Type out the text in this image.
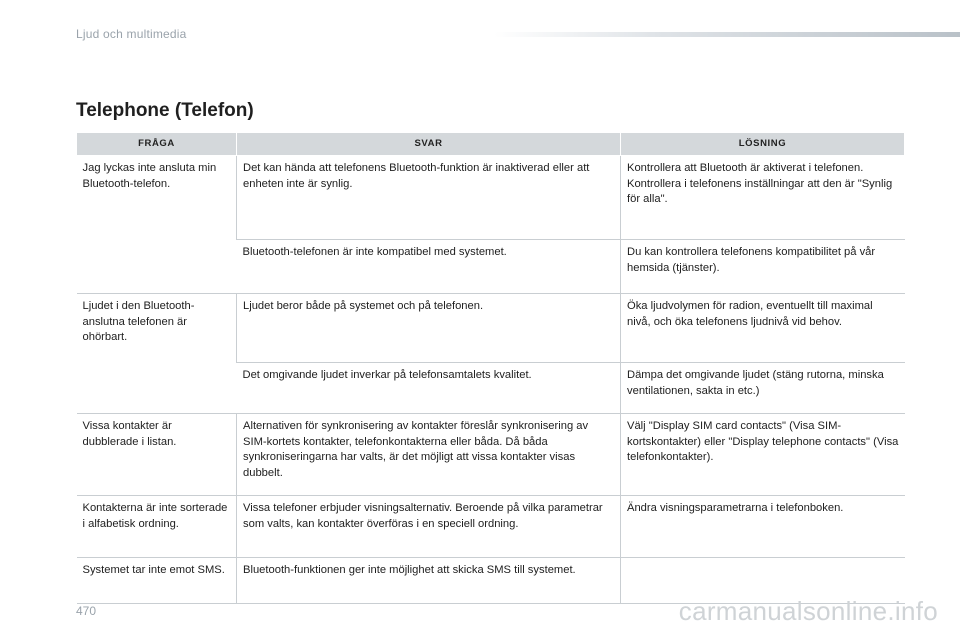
Ljud och multimedia
Telephone (Telefon)
FRÅGA	SVAR	LÖSNING
Jag lyckas inte ansluta min Bluetooth-telefon.	Det kan hända att telefonens Bluetooth-funktion är inaktiverad eller att enheten inte är synlig.	Kontrollera att Bluetooth är aktiverat i telefonen.
Kontrollera i telefonens inställningar att den är "Synlig för alla".
	Bluetooth-telefonen är inte kompatibel med systemet.	Du kan kontrollera telefonens kompatibilitet på vår hemsida (tjänster).
Ljudet i den Bluetooth-anslutna telefonen är ohörbart.	Ljudet beror både på systemet och på telefonen.	Öka ljudvolymen för radion, eventuellt till maximal nivå, och öka telefonens ljudnivå vid behov.
	Det omgivande ljudet inverkar på telefonsamtalets kvalitet.	Dämpa det omgivande ljudet (stäng rutorna, minska ventilationen, sakta in etc.)
Vissa kontakter är dubblerade i listan.	Alternativen för synkronisering av kontakter föreslår synkronisering av SIM-kortets kontakter, telefonkontakterna eller båda. Då båda synkroniseringarna har valts, är det möjligt att vissa kontakter visas dubbelt.	Välj "Display SIM card contacts" (Visa SIM-kortskontakter) eller "Display telephone contacts" (Visa telefonkontakter).
Kontakterna är inte sorterade i alfabetisk ordning.	Vissa telefoner erbjuder visningsalternativ. Beroende på vilka parametrar som valts, kan kontakter överföras i en speciell ordning.	Ändra visningsparametrarna i telefonboken.
Systemet tar inte emot SMS.	Bluetooth-funktionen ger inte möjlighet att skicka SMS till systemet.	
470	carmanualsonline.info
